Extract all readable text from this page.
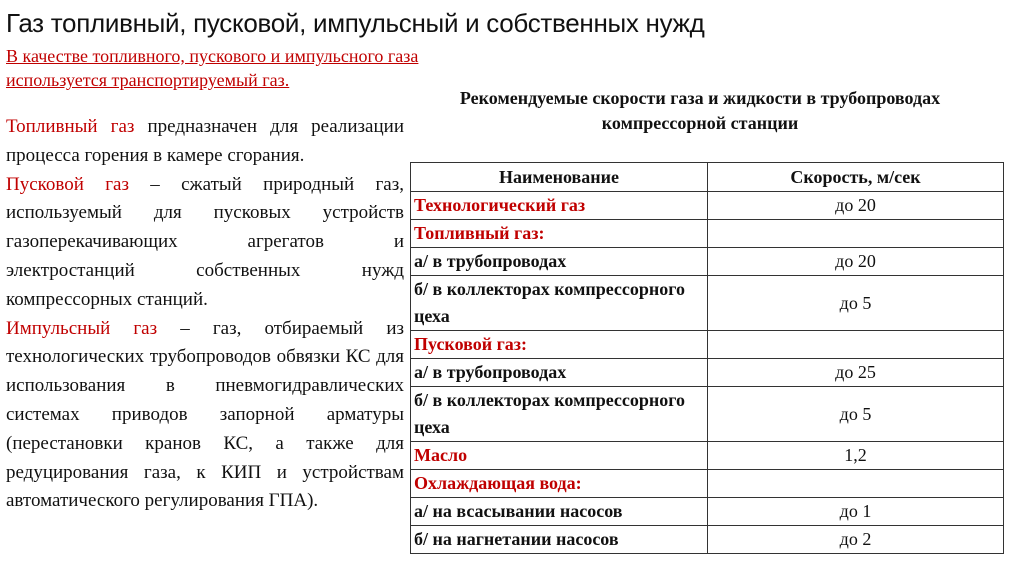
Газ топливный, пусковой, импульсный и собственных нужд
В качестве топливного, пускового и импульсного газа используется транспортируемый газ.

Топливный газ предназначен для реализации процесса горения в камере сгорания.

Пусковой газ – сжатый природный газ, используемый для пусковых устройств газоперекачивающих агрегатов и электростанций собственных нужд компрессорных станций.

Импульсный газ – газ, отбираемый из технологических трубопроводов обвязки КС для использования в пневмогидравлических системах приводов запорной арматуры (перестановки кранов КС, а также для редуцирования газа, к КИП и устройствам автоматического регулирования ГПА).

Рекомендуемые скорости газа и жидкости в трубопроводах компрессорной станции
Наименование	Скорость, м/сек
Технологический газ	до 20
Топливный газ:	
а/ в трубопроводах	до 20
б/ в коллекторах компрессорного цеха	до 5
Пусковой газ:	
а/ в трубопроводах	до 25
б/ в коллекторах компрессорного цеха	до 5
Масло	1,2
Охлаждающая вода:	
а/ на всасывании насосов	до 1
б/ на нагнетании насосов	до 2
